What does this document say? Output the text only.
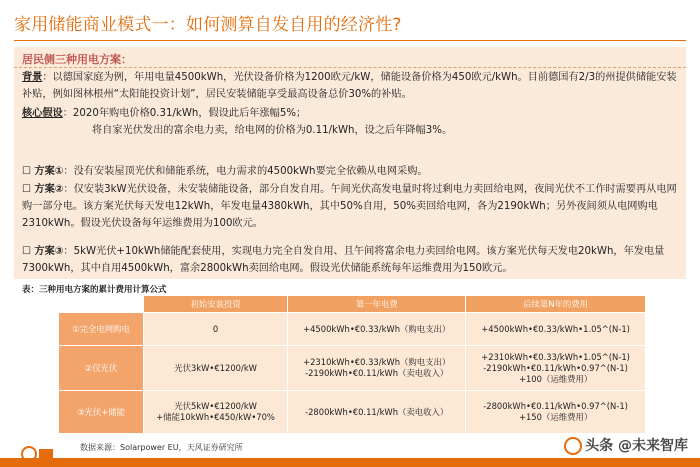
家用储能商业模式一：如何测算自发自用的经济性?
居民侧三种用电方案：
背景：以德国家庭为例，年用电量4500kWh，光伏设备价格为1200欧元/kW，储能设备价格为450欧元/kWh。目前德国有2/3的州提供储能安装补贴，例如图林根州“太阳能投资计划”，居民安装储能享受最高设备总价30%的补贴。
核心假设：2020年购电价格0.31/kWh，假设此后年涨幅5%；
将自家光伏发出的富余电力卖，给电网的价格为0.11/kWh，设之后年降幅3%。
☐ 方案①：没有安装屋顶光伏和储能系统，电力需求的4500kWh要完全依赖从电网采购。
☐ 方案②：仅安装3kW光伏设备，未安装储能设备，部分自发自用。午间光伏高发电量时将过剩电力卖回给电网，夜间光伏不工作时需要再从电网购一部分电。该方案光伏每天发电12kWh，年发电量4380kWh，其中50%自用，50%卖回给电网，各为2190kWh；另外夜间须从电网购电2310kWh。假设光伏设备每年运维费用为100欧元。
☐ 方案③：5kW光伏+10kWh储能配套使用，实现电力完全自发自用、且午间将富余电力卖回给电网。该方案光伏每天发电20kWh，年发电量7300kWh，其中自用4500kWh，富余2800kWh卖回给电网。假设光伏储能系统每年运维费用为150欧元。
表：三种用电方案的累计费用计算公式
	初始安装投资	第一年电费	后续第N年的费用
①完全电网购电	0	+4500kWh•€0.33/kWh（购电支出）	+4500kWh•€0.33/kWh•1.05^(N-1)
②仅光伏	光伏3kW•€1200/kW	+2310kWh•€0.33/kWh（购电支出）
-2190kWh•€0.11/kWh（卖电收入）	+2310kWh•€0.33/kWh•1.05^(N-1)
-2190kWh•€0.11/kWh•0.97^(N-1)
+100（运维费用）
③光伏+储能	光伏5kW•€1200/kW
+储能10kWh•€450/kW•70%	-2800kWh•€0.11/kWh（卖电收入）	-2800kWh•€0.11/kWh•0.97^(N-1)
+150（运维费用）
数据来源：Solarpower EU，天风证券研究所	头条 @未来智库
